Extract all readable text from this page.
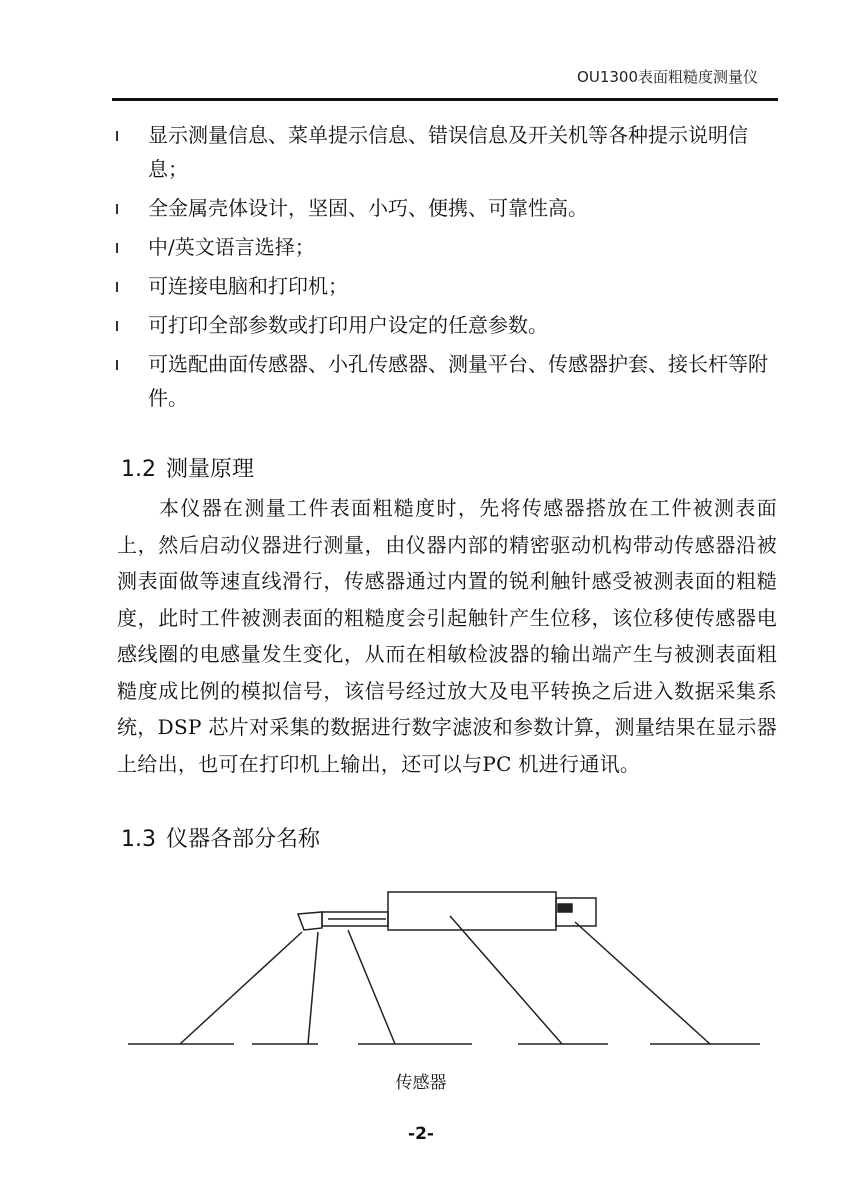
OU1300表面粗糙度测量仪
显示测量信息、菜单提示信息、错误信息及开关机等各种提示说明信息；
全金属壳体设计，坚固、小巧、便携、可靠性高。
中/英文语言选择；
可连接电脑和打印机；
可打印全部参数或打印用户设定的任意参数。
可选配曲面传感器、小孔传感器、测量平台、传感器护套、接长杆等附件。
1.2 测量原理
本仪器在测量工件表面粗糙度时，先将传感器搭放在工件被测表面上，然后启动仪器进行测量，由仪器内部的精密驱动机构带动传感器沿被测表面做等速直线滑行，传感器通过内置的锐利触针感受被测表面的粗糙度，此时工件被测表面的粗糙度会引起触针产生位移，该位移使传感器电感线圈的电感量发生变化，从而在相敏检波器的输出端产生与被测表面粗糙度成比例的模拟信号，该信号经过放大及电平转换之后进入数据采集系统，DSP 芯片对采集的数据进行数字滤波和参数计算，测量结果在显示器上给出，也可在打印机上输出，还可以与PC 机进行通讯。
1.3 仪器各部分名称
传感器
-2-
